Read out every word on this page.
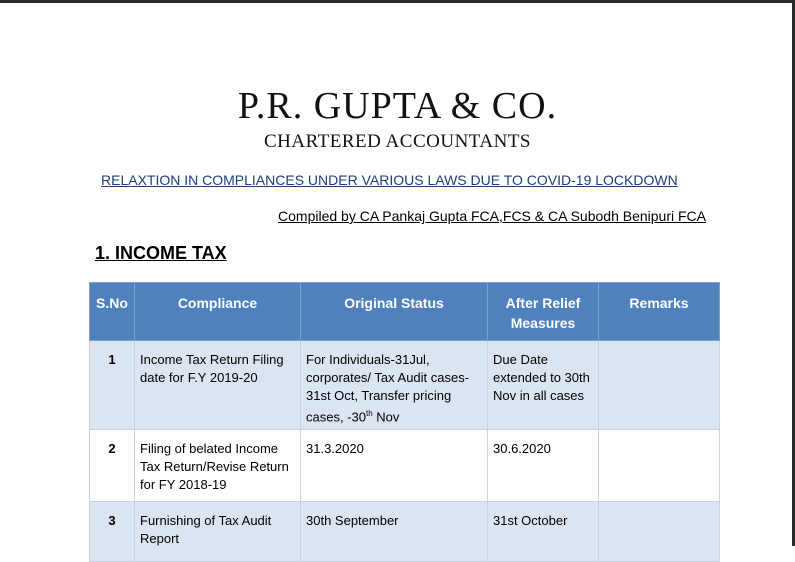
P.R. GUPTA & CO.
CHARTERED ACCOUNTANTS
RELAXTION IN COMPLIANCES UNDER VARIOUS LAWS DUE TO COVID-19 LOCKDOWN
Compiled by CA Pankaj Gupta FCA,FCS & CA Subodh Benipuri FCA
1. INCOME TAX
S.No	Compliance	Original Status	After Relief Measures	Remarks
1	Income Tax Return Filing date for F.Y 2019-20	For Individuals-31Jul, corporates/ Tax Audit cases-31st Oct, Transfer pricing cases, -30th Nov	Due Date extended to 30th Nov in all cases	
2	Filing of belated Income Tax Return/Revise Return for FY 2018-19	31.3.2020	30.6.2020	
3	Furnishing of Tax Audit Report	30th September	31st October	
